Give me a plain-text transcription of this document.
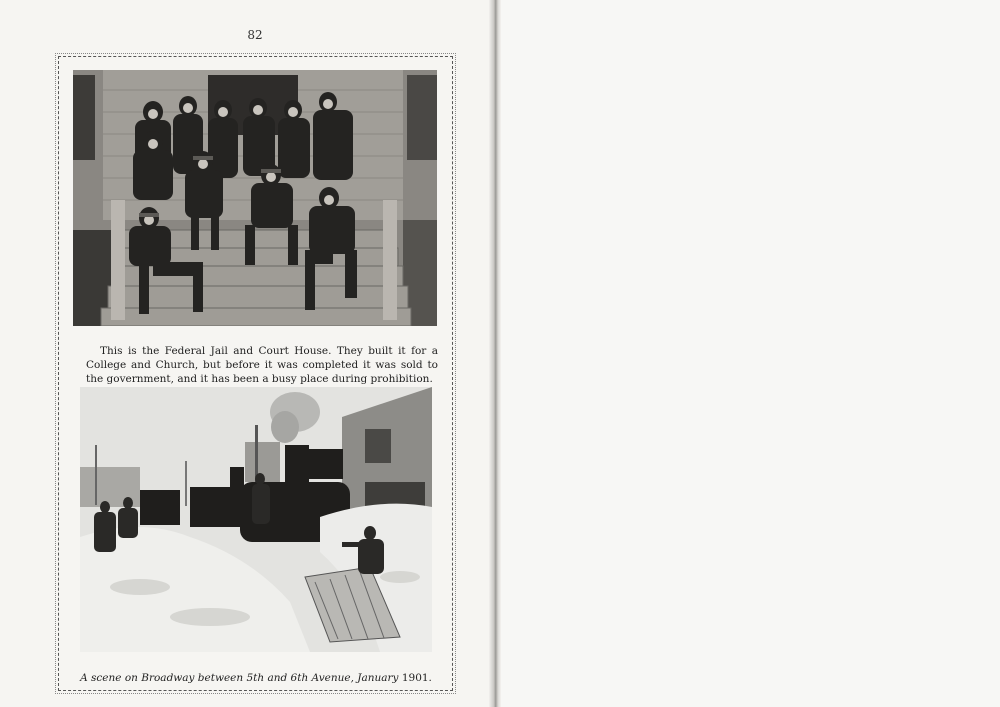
82

This is the Federal Jail and Court House. They built it for a College and Church, but before it was completed it was sold to the government, and it has been a busy place during prohibition.

A scene on Broadway between 5th and 6th Avenue, January 1901.
